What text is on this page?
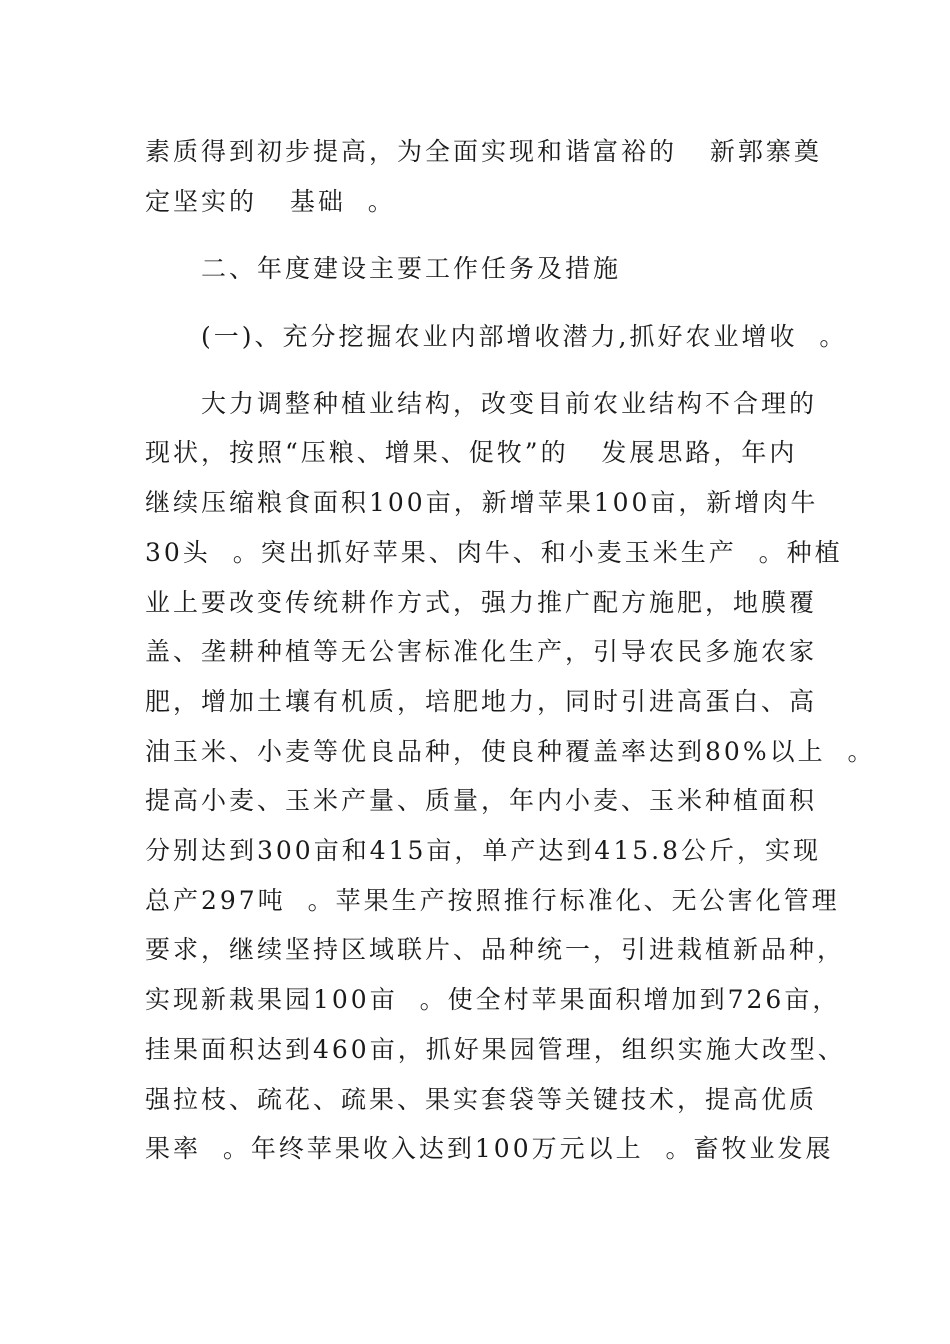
素质得到初步提高，为全面实现和谐富裕的   新郭寨奠
定坚实的   基础  。
二、年度建设主要工作任务及措施
(一)、充分挖掘农业内部增收潜力,抓好农业增收  。
大力调整种植业结构，改变目前农业结构不合理的
现状，按照“压粮、增果、促牧”的   发展思路，年内
继续压缩粮食面积100亩，新增苹果100亩，新增肉牛
30头  。突出抓好苹果、肉牛、和小麦玉米生产  。种植
业上要改变传统耕作方式，强力推广配方施肥，地膜覆
盖、垄耕种植等无公害标准化生产，引导农民多施农家
肥，增加土壤有机质，培肥地力，同时引进高蛋白、高
油玉米、小麦等优良品种，使良种覆盖率达到80%以上  。
提高小麦、玉米产量、质量，年内小麦、玉米种植面积
分别达到300亩和415亩，单产达到415.8公斤，实现
总产297吨  。苹果生产按照推行标准化、无公害化管理
要求，继续坚持区域联片、品种统一，引进栽植新品种，
实现新栽果园100亩  。使全村苹果面积增加到726亩，
挂果面积达到460亩，抓好果园管理，组织实施大改型、
强拉枝、疏花、疏果、果实套袋等关键技术，提高优质
果率  。年终苹果收入达到100万元以上  。畜牧业发展
